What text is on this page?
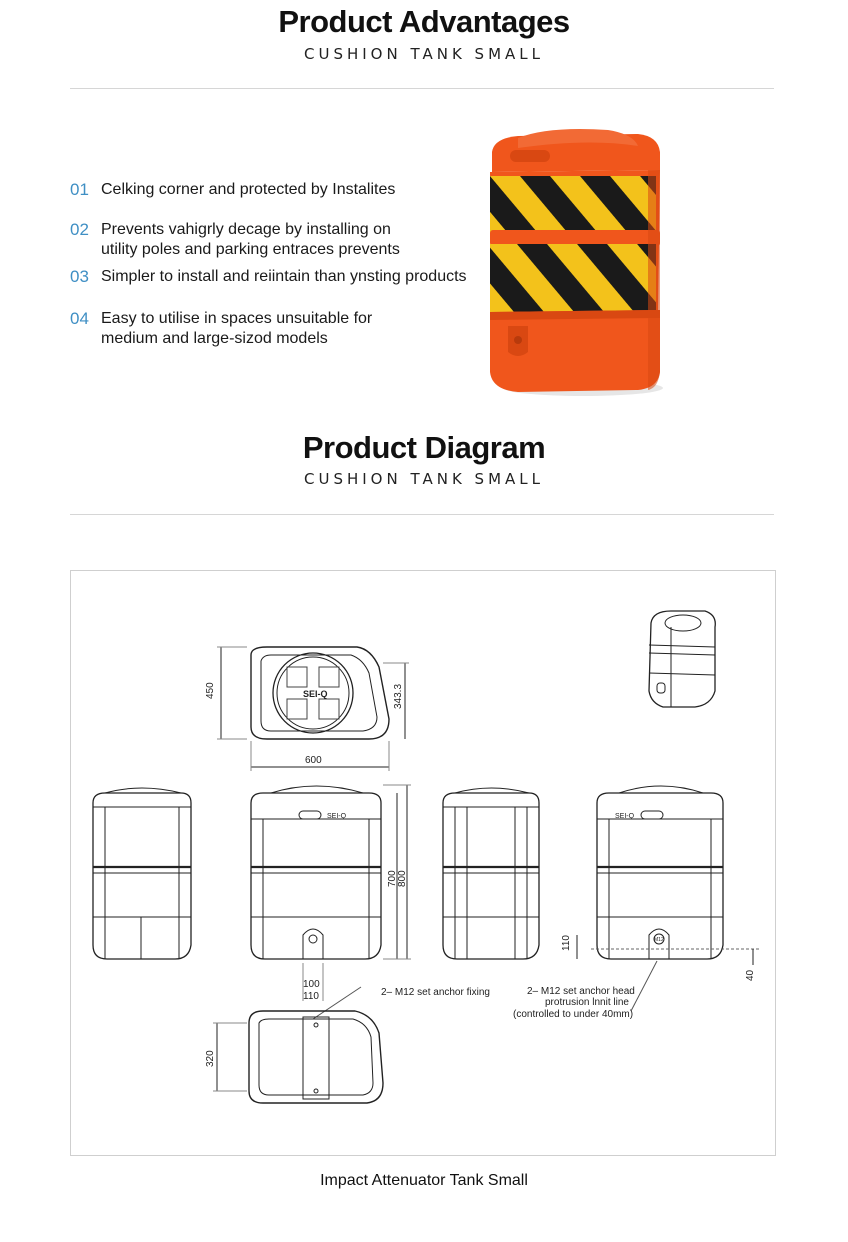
Product Advantages
CUSHION TANK SMALL
01 Celking corner and protected by Instalites
02 Prevents vahigrly decage by installing on utility poles and parking entraces prevents
03 Simpler to install and reiintain than ynsting products
04 Easy to utilise in spaces unsuitable for medium and large-sizod models
Product Diagram
CUSHION TANK SMALL
SEI-Q
450	343.3
600
SEI-Q
700 800
100
110
SEI-Q
M12
110
40
2– M12 set anchor fixing	2– M12 set anchor head
protrusion lnnit line
(controlled to under 40mm)
320
Impact Attenuator Tank Small
